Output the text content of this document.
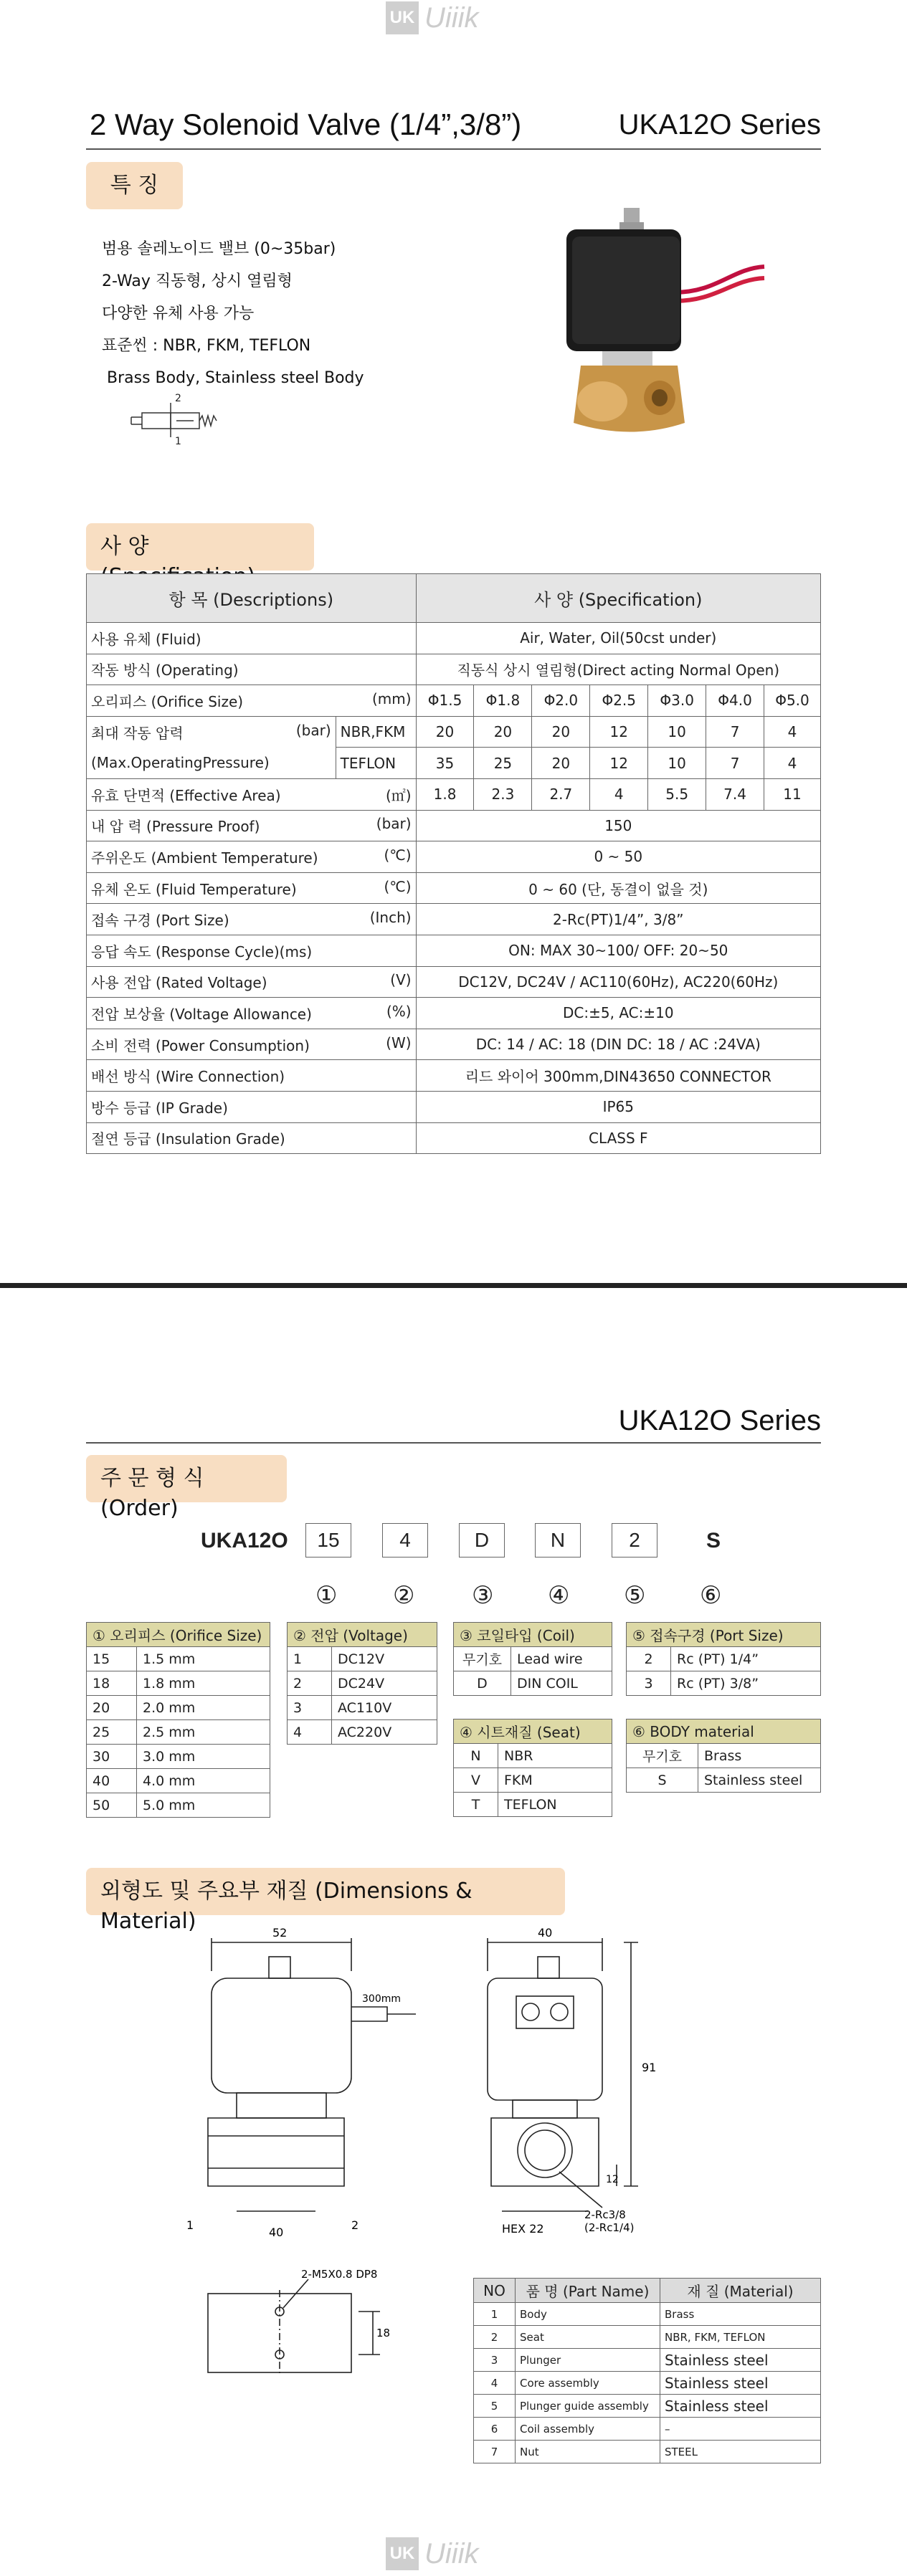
UK Uiiik
2 Way Solenoid Valve (1/4”,3/8”)	UKA12O Series
특 징
범용 솔레노이드 밸브 (0~35bar)
2-Way 직동형, 상시 열림형
다양한 유체 사용 가능
표준씬 : NBR, FKM, TEFLON
Brass Body, Stainless steel Body
2
1
사 양
항 목 (Descriptions)		사 양 (Specification)						
사용 유체 (Fluid)		Air, Water, Oil(50cst under)						
작동 방식 (Operating)		직동식 상시 열림형(Direct acting Normal Open)						

오리피스 (Orifice Size) (mm)		Φ1.5	Φ1.8	Φ2.0	Φ2.5	Φ3.0	Φ4.0	Φ5.0

최대 작동 압력 (bar)	NBR,FKM	20	20	20	12	10	7	4
(Max.OperatingPressure)	TEFLON	35	25	20	12	10	7	4

유효 단면적 (Effective Area) (㎡)		1.8	2.3	2.7	4	5.5	7.4	11

내 압 력 (Pressure Proof) (bar)		150						

주위온도 (Ambient Temperature) (℃)		0 ~ 50						

유체 온도 (Fluid Temperature) (℃)		0 ~ 60 (단, 동결이 없을 것)						

접속 구경 (Port Size) (Inch)		2-Rc(PT)1/4”, 3/8”						

응답 속도 (Response Cycle)(ms)		ON: MAX 30~100/ OFF: 20~50						

사용 전압 (Rated Voltage) (V)		DC12V, DC24V / AC110(60Hz), AC220(60Hz)						

전압 보상율 (Voltage Allowance) (%)		DC:±5, AC:±10						

소비 전력 (Power Consumption) (W)		DC: 14 / AC: 18 (DIN DC: 18 / AC :24VA)						

배선 방식 (Wire Connection)		리드 와이어 300mm,DIN43650 CONNECTOR						

방수 등급 (IP Grade)		IP65						

절연 등급 (Insulation Grade)		CLASS F						
UKA12O Series
주 문 형 식 (Order)
UKA12O	15	4	D	N	2	S
① ② ③ ④ ⑤ ⑥
① 오리피스 (Orifice Size)	
15	1.5 mm
18	1.8 mm
20	2.0 mm
25	2.5 mm
30	3.0 mm
40	4.0 mm
50	5.0 mm
② 전압 (Voltage)	
1	DC12V
2	DC24V
3	AC110V
4	AC220V
③ 코일타입 (Coil)	
무기호	Lead wire
D	DIN COIL
④ 시트재질 (Seat)	
N	NBR
V	FKM
T	TEFLON
⑤ 접속구경 (Port Size)	
2	Rc (PT) 1/4”
3	Rc (PT) 3/8”
⑥ BODY material	
무기호	Brass
S	Stainless steel
외형도 및 주요부 재질 (Dimensions & Material)	52
300mm
1	2
40
40
91
12
HEX 22
2-Rc3/8
(2-Rc1/4)
2-M5X0.8 DP8
18
NO	품 명 (Part Name)	재 질 (Material)
1	Body	Brass
2	Seat	NBR, FKM, TEFLON
3	Plunger	Stainless steel
4	Core assembly	Stainless steel
5	Plunger guide assembly	Stainless steel
6	Coil assembly	–
7	Nut	STEEL
UK Uiiik
